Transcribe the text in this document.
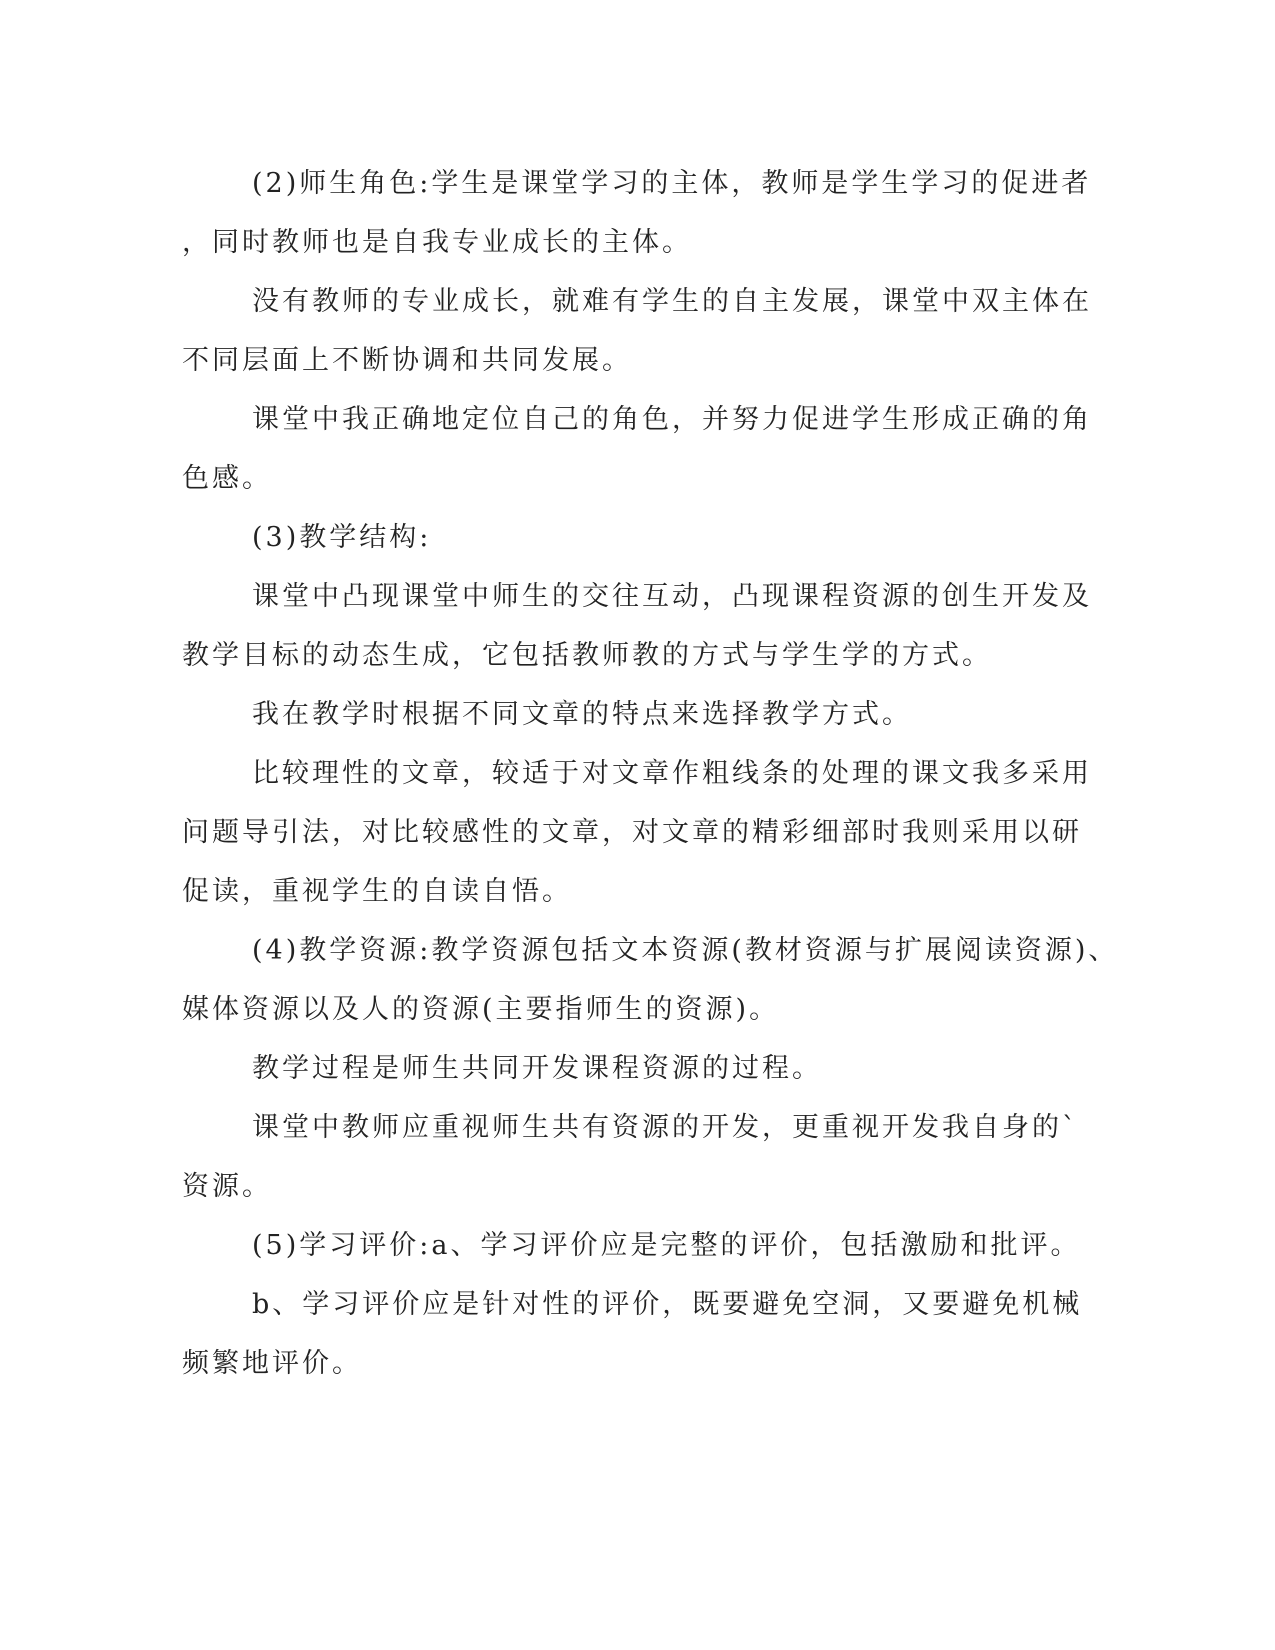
(2)师生角色:学生是课堂学习的主体，教师是学生学习的促进者
，同时教师也是自我专业成长的主体。
没有教师的专业成长，就难有学生的自主发展，课堂中双主体在
不同层面上不断协调和共同发展。
课堂中我正确地定位自己的角色，并努力促进学生形成正确的角
色感。
(3)教学结构:
课堂中凸现课堂中师生的交往互动，凸现课程资源的创生开发及
教学目标的动态生成，它包括教师教的方式与学生学的方式。
我在教学时根据不同文章的特点来选择教学方式。
比较理性的文章，较适于对文章作粗线条的处理的课文我多采用
问题导引法，对比较感性的文章，对文章的精彩细部时我则采用以研
促读，重视学生的自读自悟。
(4)教学资源:教学资源包括文本资源(教材资源与扩展阅读资源)、
媒体资源以及人的资源(主要指师生的资源)。
教学过程是师生共同开发课程资源的过程。
课堂中教师应重视师生共有资源的开发，更重视开发我自身的`
资源。
(5)学习评价:a、学习评价应是完整的评价，包括激励和批评。
b、学习评价应是针对性的评价，既要避免空洞，又要避免机械
频繁地评价。
